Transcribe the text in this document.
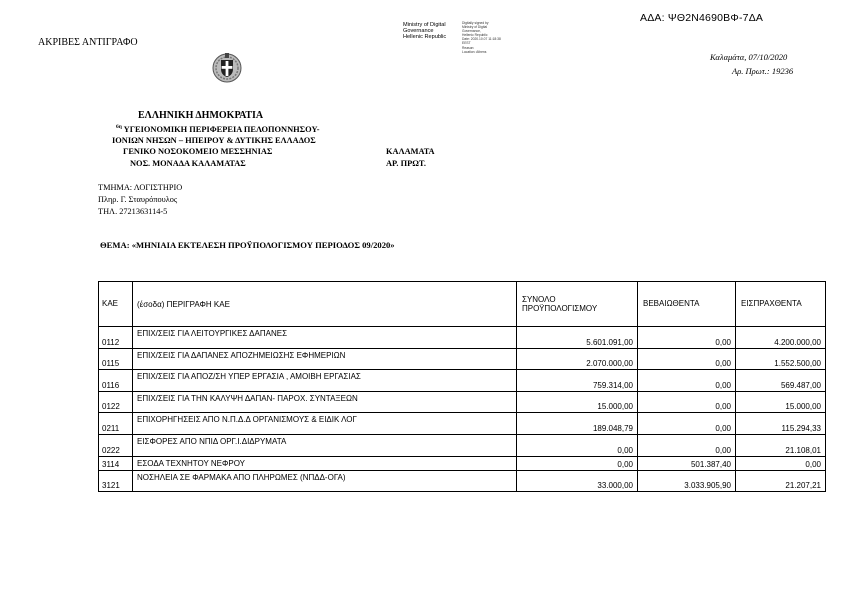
ΑΔΑ: ΨΘ2Ν4690ΒΦ-7ΔΑ
ΑΚΡΙΒΕΣ ΑΝΤΙΓΡΑΦΟ
Ministry of Digital
Governance
Hellenic Republic
Digitally signed by
Ministry of Digital
Governance,
Hellenic Republic
Date: 2020.10.07 11:18:38
EEST
Reason:
Location: Athens
Καλαμάτα, 07/10/2020
Αρ. Πρωτ.: 19236
ΕΛΛΗΝΙΚΗ ΔΗΜΟΚΡΑΤΙΑ
$^{6\eta}$ ΥΓΕΙΟΝΟΜΙΚΗ ΠΕΡΙΦΕΡΕΙΑ ΠΕΛΟΠΟΝΝΗΣΟΥ-
ΙΟΝΙΩΝ ΝΗΣΩΝ – ΗΠΕΙΡΟΥ & ΔΥΤΙΚΗΣ ΕΛΛΑΔΟΣ
ΓΕΝΙΚΟ ΝΟΣΟΚΟΜΕΙΟ ΜΕΣΣΗΝΙΑΣ
ΝΟΣ. ΜΟΝΑΔΑ ΚΑΛΑΜΑΤΑΣ
ΚΑΛΑΜΑΤΑ
ΑΡ. ΠΡΩΤ.
ΤΜΗΜΑ: ΛΟΓΙΣΤΗΡΙΟ
Πληρ. Γ. Σταυρόπουλος
ΤΗΛ. 2721363114-5
ΘΕΜΑ: «ΜΗΝΙΑΙΑ ΕΚΤΕΛΕΣΗ ΠΡΟΫΠΟΛΟΓΙΣΜΟΥ ΠΕΡΙΟΔΟΣ 09/2020»
ΚΑΕ	(έσοδα) ΠΕΡΙΓΡΑΦΗ ΚΑΕ	ΣΥΝΟΛΟ
ΠΡΟΫΠΟΛΟΓΙΣΜΟΥ	ΒΕΒΑΙΩΘΕΝΤΑ	ΕΙΣΠΡΑΧΘΕΝΤΑ
0112	ΕΠΙΧ/ΣΕΙΣ ΓΙΑ ΛΕΙΤΟΥΡΓΙΚΕΣ ΔΑΠΑΝΕΣ	5.601.091,00	0,00	4.200.000,00
0115	ΕΠΙΧ/ΣΕΙΣ ΓΙΑ ΔΑΠΑΝΕΣ ΑΠΟΖΗΜΕΙΩΣΗΣ ΕΦΗΜΕΡΙΩΝ	2.070.000,00	0,00	1.552.500,00
0116	ΕΠΙΧ/ΣΕΙΣ ΓΙΑ ΑΠΟΖ/ΣΗ ΥΠΕΡ ΕΡΓΑΣΙΑ , ΑΜΟΙΒΗ ΕΡΓΑΣΙΑΣ	759.314,00	0,00	569.487,00
0122	ΕΠΙΧ/ΣΕΙΣ ΓΙΑ ΤΗΝ ΚΑΛΥΨΗ ΔΑΠΑΝ- ΠΑΡΟΧ. ΣΥΝΤΑΞΕΩΝ	15.000,00	0,00	15.000,00
0211	ΕΠΙΧΟΡΗΓΗΣΕΙΣ ΑΠΟ Ν.Π.Δ.Δ ΟΡΓΑΝΙΣΜΟΥΣ & ΕΙΔΙΚ ΛΟΓ	189.048,79	0,00	115.294,33
0222	ΕΙΣΦΟΡΕΣ ΑΠΟ ΝΠΙΔ ΟΡΓ.Ι.ΔΙΔΡΥΜΑΤΑ	0,00	0,00	21.108,01
3114	ΕΣΟΔΑ ΤΕΧΝΗΤΟΥ ΝΕΦΡΟΥ	0,00	501.387,40	0,00
3121	ΝΟΣΗΛΕΙΑ ΣΕ ΦΑΡΜΑΚΑ ΑΠΟ ΠΛΗΡΩΜΕΣ (ΝΠΔΔ-ΟΓΑ)	33.000,00	3.033.905,90	21.207,21
